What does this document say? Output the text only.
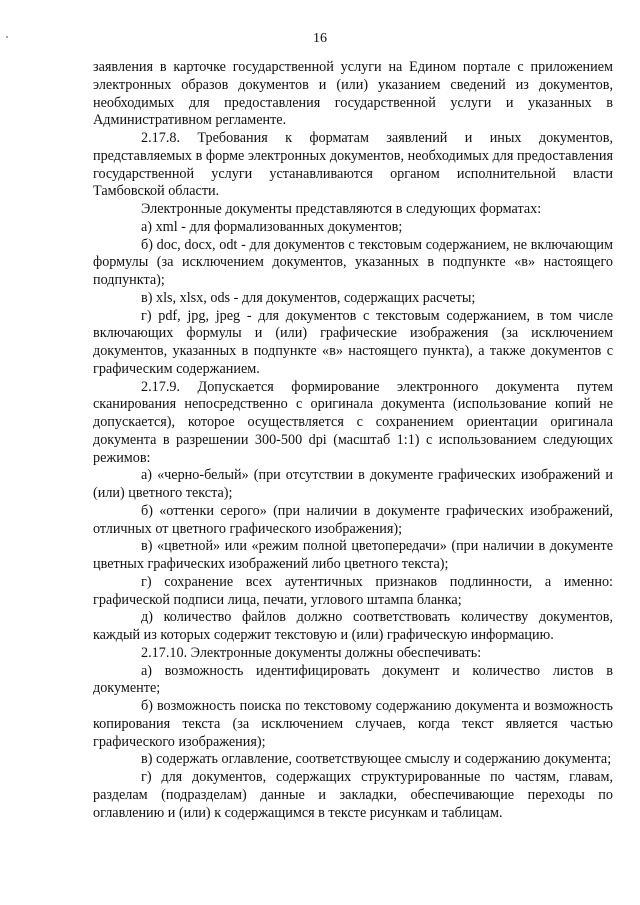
16

заявления в карточке государственной услуги на Едином портале с приложением электронных образов документов и (или) указанием сведений из документов, необходимых для предоставления государственной услуги и указанных в Административном регламенте.

2.17.8. Требования к форматам заявлений и иных документов, представляемых в форме электронных документов, необходимых для предоставления государственной услуги устанавливаются органом исполнительной власти Тамбовской области.

Электронные документы представляются в следующих форматах:

а) xml - для формализованных документов;

б) doc, docx, odt - для документов с текстовым содержанием, не включающим формулы (за исключением документов, указанных в подпункте «в» настоящего подпункта);

в) xls, xlsx, ods - для документов, содержащих расчеты;

г) pdf, jpg, jpeg - для документов с текстовым содержанием, в том числе включающих формулы и (или) графические изображения (за исключением документов, указанных в подпункте «в» настоящего пункта), а также документов с графическим содержанием.

2.17.9. Допускается формирование электронного документа путем сканирования непосредственно с оригинала документа (использование копий не допускается), которое осуществляется с сохранением ориентации оригинала документа в разрешении 300-500 dpi (масштаб 1:1) с использованием следующих режимов:

а) «черно-белый» (при отсутствии в документе графических изображений и (или) цветного текста);

б) «оттенки серого» (при наличии в документе графических изображений, отличных от цветного графического изображения);

в) «цветной» или «режим полной цветопередачи» (при наличии в документе цветных графических изображений либо цветного текста);

г) сохранение всех аутентичных признаков подлинности, а именно: графической подписи лица, печати, углового штампа бланка;

д) количество файлов должно соответствовать количеству документов, каждый из которых содержит текстовую и (или) графическую информацию.

2.17.10. Электронные документы должны обеспечивать:

а) возможность идентифицировать документ и количество листов в документе;

б) возможность поиска по текстовому содержанию документа и возможность копирования текста (за исключением случаев, когда текст является частью графического изображения);

в) содержать оглавление, соответствующее смыслу и содержанию документа;

г) для документов, содержащих структурированные по частям, главам, разделам (подразделам) данные и закладки, обеспечивающие переходы по оглавлению и (или) к содержащимся в тексте рисункам и таблицам.
